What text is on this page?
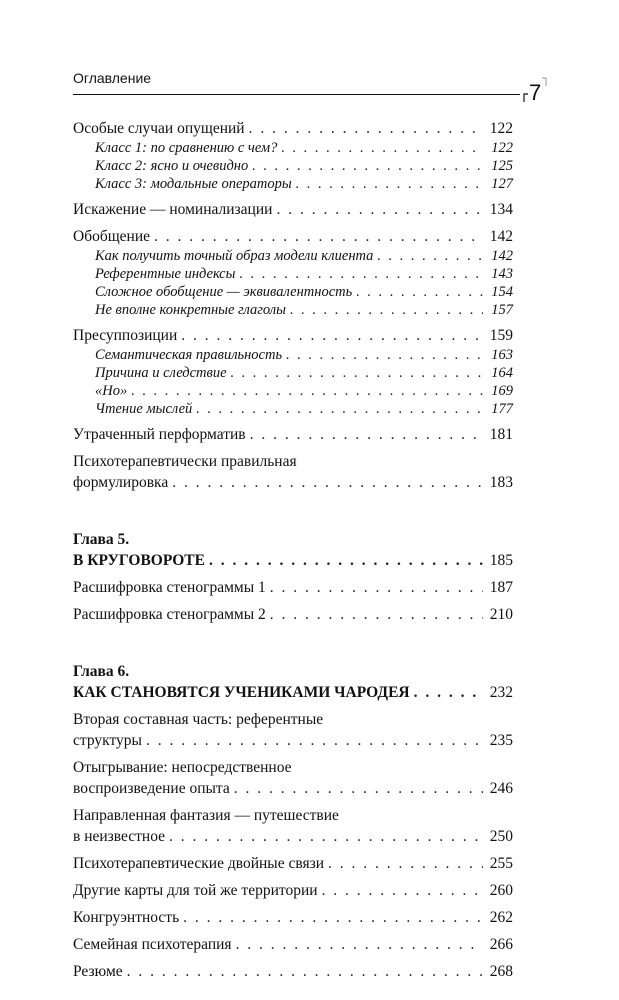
Оглавление
7
Особые случаи опущений . . .	122
Класс 1: по сравнению с чем? . . .	122
Класс 2: ясно и очевидно . . .	125
Класс 3: модальные операторы . . .	127
Искажение — номинализации . . .	134
Обобщение . . .	142
Как получить точный образ модели клиента . . .	142
Референтные индексы . . .	143
Сложное обобщение — эквивалентность . . .	154
Не вполне конкретные глаголы . . .	157
Пресуппозиции . . .	159
Семантическая правильность . . .	163
Причина и следствие . . .	164
«Но» . . .	169
Чтение мыслей . . .	177
Утраченный перформатив . . .	181
Психотерапевтически правильная
формулировка . . .	183
Глава 5.
В КРУГОВОРОТЕ . . .	185
Расшифровка стенограммы 1 . . .	187
Расшифровка стенограммы 2 . . .	210
Глава 6.
КАК СТАНОВЯТСЯ УЧЕНИКАМИ ЧАРОДЕЯ . . .	232
Вторая составная часть: референтные
структуры . . .	235
Отыгрывание: непосредственное
воспроизведение опыта . . .	246
Направленная фантазия — путешествие
в неизвестное . . .	250
Психотерапевтические двойные связи . . .	255
Другие карты для той же территории . . .	260
Конгруэнтность . . .	262
Семейная психотерапия . . .	266
Резюме . . .	268
